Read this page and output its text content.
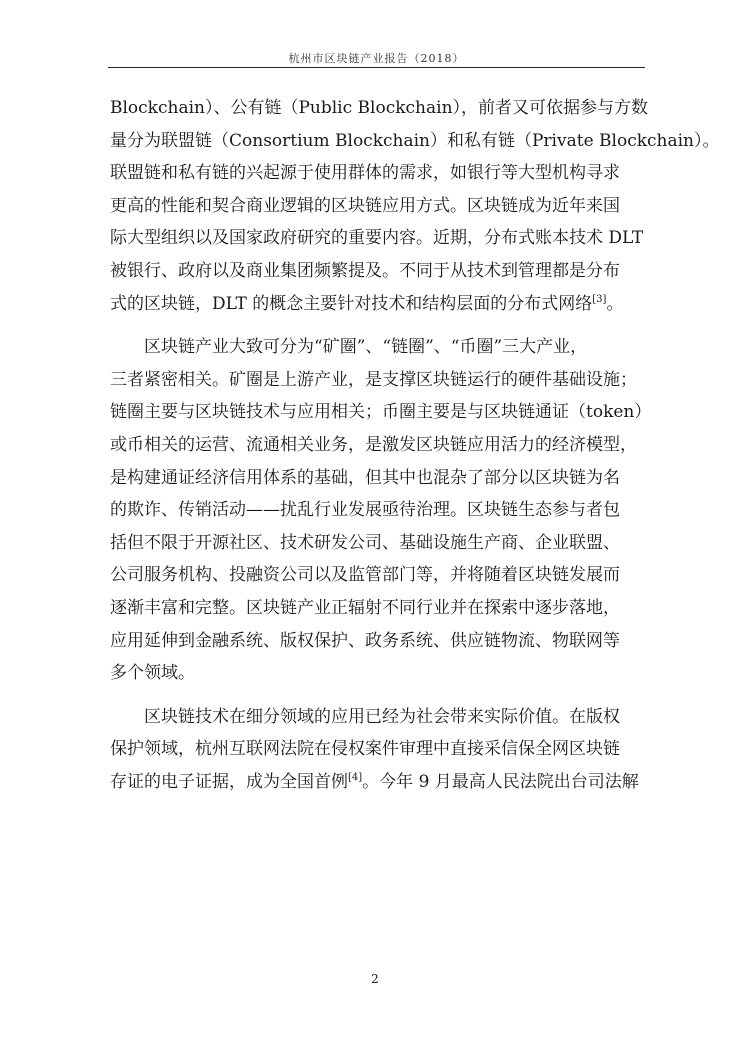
杭州市区块链产业报告（2018）

Blockchain）、公有链（Public Blockchain），前者又可依据参与方数
量分为联盟链（Consortium Blockchain）和私有链（Private Blockchain）。
联盟链和私有链的兴起源于使用群体的需求，如银行等大型机构寻求
更高的性能和契合商业逻辑的区块链应用方式。区块链成为近年来国
际大型组织以及国家政府研究的重要内容。近期，分布式账本技术 DLT
被银行、政府以及商业集团频繁提及。不同于从技术到管理都是分布
式的区块链，DLT 的概念主要针对技术和结构层面的分布式网络[3]。

区块链产业大致可分为“矿圈”、“链圈”、“币圈”三大产业，
三者紧密相关。矿圈是上游产业，是支撑区块链运行的硬件基础设施；
链圈主要与区块链技术与应用相关；币圈主要是与区块链通证（token）
或币相关的运营、流通相关业务，是激发区块链应用活力的经济模型，
是构建通证经济信用体系的基础，但其中也混杂了部分以区块链为名
的欺诈、传销活动——扰乱行业发展亟待治理。区块链生态参与者包
括但不限于开源社区、技术研发公司、基础设施生产商、企业联盟、
公司服务机构、投融资公司以及监管部门等，并将随着区块链发展而
逐渐丰富和完整。区块链产业正辐射不同行业并在探索中逐步落地，
应用延伸到金融系统、版权保护、政务系统、供应链物流、物联网等
多个领域。

区块链技术在细分领域的应用已经为社会带来实际价值。在版权
保护领域，杭州互联网法院在侵权案件审理中直接采信保全网区块链
存证的电子证据，成为全国首例[4]。今年 9 月最高人民法院出台司法解

2
